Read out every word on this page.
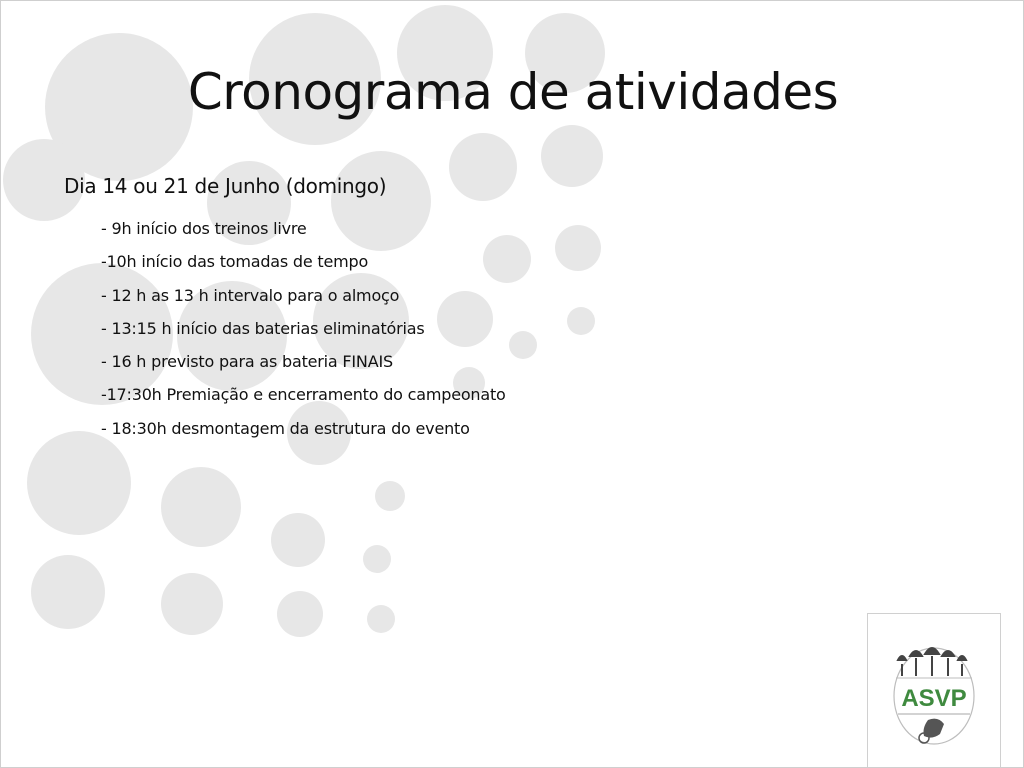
Cronograma de atividades
Dia 14 ou 21 de Junho (domingo)
- 9h início dos treinos livre
-10h início das tomadas de tempo
- 12 h as 13 h intervalo para o almoço
- 13:15 h início das baterias eliminatórias
- 16 h previsto para as bateria FINAIS
-17:30h Premiação e encerramento do campeonato
- 18:30h desmontagem da estrutura do evento
ASVP
